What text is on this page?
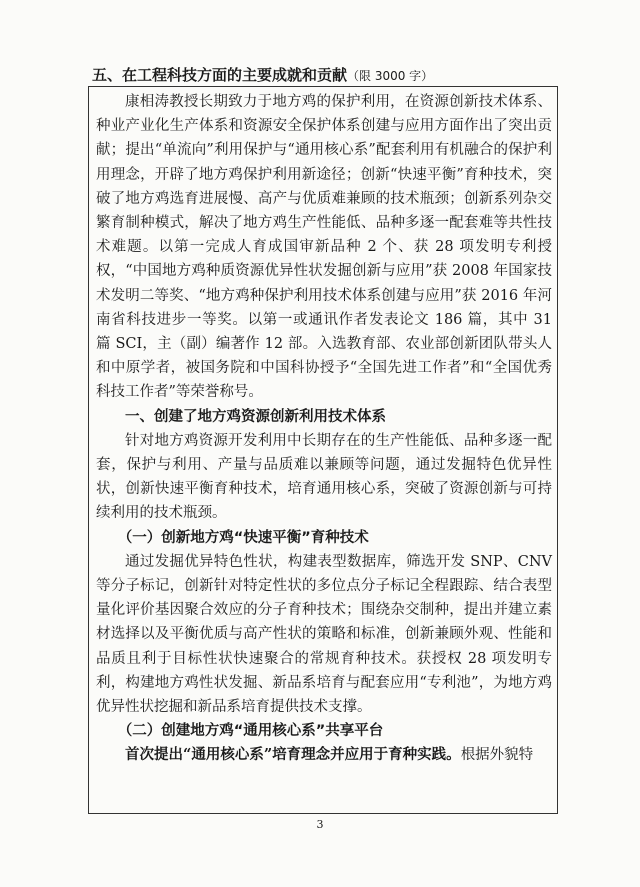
五、在工程科技方面的主要成就和贡献（限 3000 字）

康相涛教授长期致力于地方鸡的保护利用，在资源创新技术体系、种业产业化生产体系和资源安全保护体系创建与应用方面作出了突出贡献；提出“单流向”利用保护与“通用核心系”配套利用有机融合的保护利用理念，开辟了地方鸡保护利用新途径；创新“快速平衡”育种技术，突破了地方鸡选育进展慢、高产与优质难兼顾的技术瓶颈；创新系列杂交繁育制种模式，解决了地方鸡生产性能低、品种多逐一配套难等共性技术难题。以第一完成人育成国审新品种 2 个、获 28 项发明专利授权，“中国地方鸡种质资源优异性状发掘创新与应用”获 2008 年国家技术发明二等奖、“地方鸡种保护利用技术体系创建与应用”获 2016 年河南省科技进步一等奖。以第一或通讯作者发表论文 186 篇，其中 31 篇 SCI，主（副）编著作 12 部。入选教育部、农业部创新团队带头人和中原学者，被国务院和中国科协授予“全国先进工作者”和“全国优秀科技工作者”等荣誉称号。

一、创建了地方鸡资源创新利用技术体系

针对地方鸡资源开发利用中长期存在的生产性能低、品种多逐一配套，保护与利用、产量与品质难以兼顾等问题，通过发掘特色优异性状，创新快速平衡育种技术，培育通用核心系，突破了资源创新与可持续利用的技术瓶颈。

（一）创新地方鸡“快速平衡”育种技术

通过发掘优异特色性状，构建表型数据库，筛选开发 SNP、CNV 等分子标记，创新针对特定性状的多位点分子标记全程跟踪、结合表型量化评价基因聚合效应的分子育种技术；围绕杂交制种，提出并建立素材选择以及平衡优质与高产性状的策略和标准，创新兼顾外观、性能和品质且利于目标性状快速聚合的常规育种技术。获授权 28 项发明专利，构建地方鸡性状发掘、新品系培育与配套应用“专利池”，为地方鸡优异性状挖掘和新品系培育提供技术支撑。

（二）创建地方鸡“通用核心系”共享平台

首次提出“通用核心系”培育理念并应用于育种实践。根据外貌特

3
